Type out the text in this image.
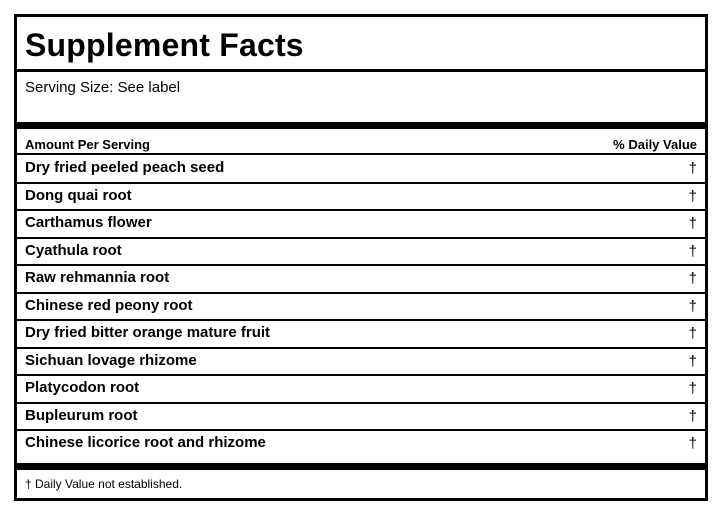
Supplement Facts
Serving Size: See label
Amount Per Serving	% Daily Value
Dry fried peeled peach seed	†
Dong quai root	†
Carthamus flower	†
Cyathula root	†
Raw rehmannia root	†
Chinese red peony root	†
Dry fried bitter orange mature fruit	†
Sichuan lovage rhizome	†
Platycodon root	†
Bupleurum root	†
Chinese licorice root and rhizome	†
† Daily Value not established.
